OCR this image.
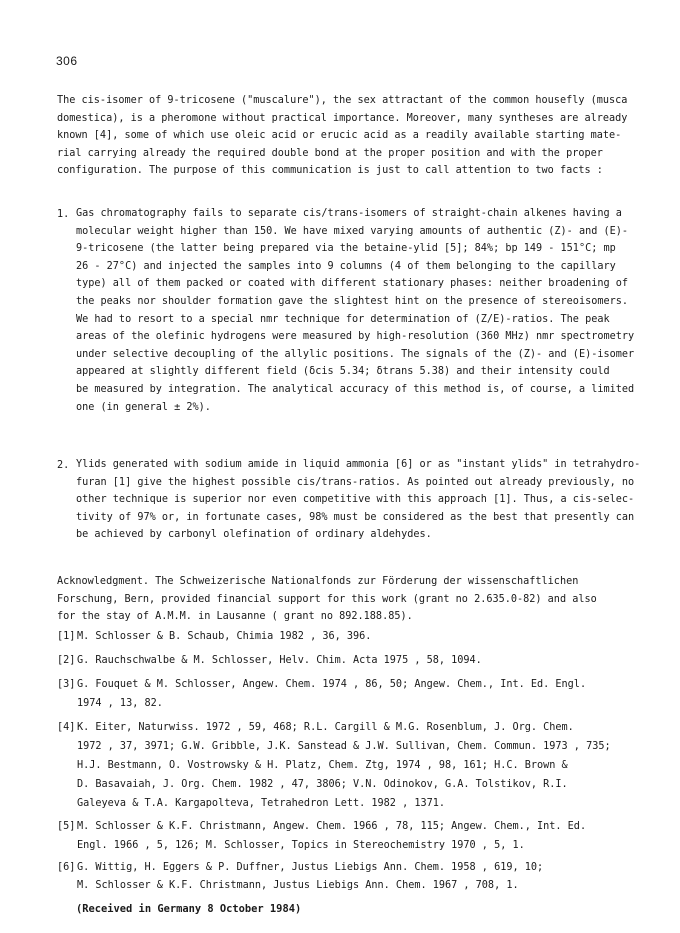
306
The cis-isomer of 9-tricosene ("muscalure"), the sex attractant of the common housefly (musca
domestica), is a pheromone without practical importance. Moreover, many syntheses are already
known [4], some of which use oleic acid or erucic acid as a readily available starting mate-
rial carrying already the required double bond at the proper position and with the proper
configuration. The purpose of this communication is just to call attention to two facts :
1. Gas chromatography fails to separate cis/trans-isomers of straight-chain alkenes having a
molecular weight higher than 150. We have mixed varying amounts of authentic (Z)- and (E)-
9-tricosene (the latter being prepared via the betaine-ylid [5]; 84%; bp 149 - 151°C; mp
26 - 27°C) and injected the samples into 9 columns (4 of them belonging to the capillary
type) all of them packed or coated with different stationary phases: neither broadening of
the peaks nor shoulder formation gave the slightest hint on the presence of stereoisomers.
We had to resort to a special nmr technique for determination of (Z/E)-ratios. The peak
areas of the olefinic hydrogens were measured by high-resolution (360 MHz) nmr spectrometry
under selective decoupling of the allylic positions. The signals of the (Z)- and (E)-isomer
appeared at slightly different field (δcis 5.34; δtrans 5.38) and their intensity could
be measured by integration. The analytical accuracy of this method is, of course, a limited
one (in general ± 2%).
2. Ylids generated with sodium amide in liquid ammonia [6] or as "instant ylids" in tetrahydro-
furan [1] give the highest possible cis/trans-ratios. As pointed out already previously, no
other technique is superior nor even competitive with this approach [1]. Thus, a cis-selec-
tivity of 97% or, in fortunate cases, 98% must be considered as the best that presently can
be achieved by carbonyl olefination of ordinary aldehydes.
Acknowledgment. The Schweizerische Nationalfonds zur Förderung der wissenschaftlichen
Forschung, Bern, provided financial support for this work (grant no 2.635.0-82) and also
for the stay of A.M.M. in Lausanne ( grant no 892.188.85).
[1] M. Schlosser & B. Schaub, Chimia 1982 , 36, 396.
[2] G. Rauchschwalbe & M. Schlosser, Helv. Chim. Acta 1975 , 58, 1094.
[3] G. Fouquet & M. Schlosser, Angew. Chem. 1974 , 86, 50; Angew. Chem., Int. Ed. Engl.
1974 , 13, 82.
[4] K. Eiter, Naturwiss. 1972 , 59, 468; R.L. Cargill & M.G. Rosenblum, J. Org. Chem.
1972 , 37, 3971; G.W. Gribble, J.K. Sanstead & J.W. Sullivan, Chem. Commun. 1973 , 735;
H.J. Bestmann, O. Vostrowsky & H. Platz, Chem. Ztg, 1974 , 98, 161; H.C. Brown &
D. Basavaiah, J. Org. Chem. 1982 , 47, 3806; V.N. Odinokov, G.A. Tolstikov, R.I.
Galeyeva & T.A. Kargapolteva, Tetrahedron Lett. 1982 , 1371.
[5] M. Schlosser & K.F. Christmann, Angew. Chem. 1966 , 78, 115; Angew. Chem., Int. Ed.
Engl. 1966 , 5, 126; M. Schlosser, Topics in Stereochemistry 1970 , 5, 1.
[6] G. Wittig, H. Eggers & P. Duffner, Justus Liebigs Ann. Chem. 1958 , 619, 10;
M. Schlosser & K.F. Christmann, Justus Liebigs Ann. Chem. 1967 , 708, 1.
(Received in Germany 8 October 1984)
